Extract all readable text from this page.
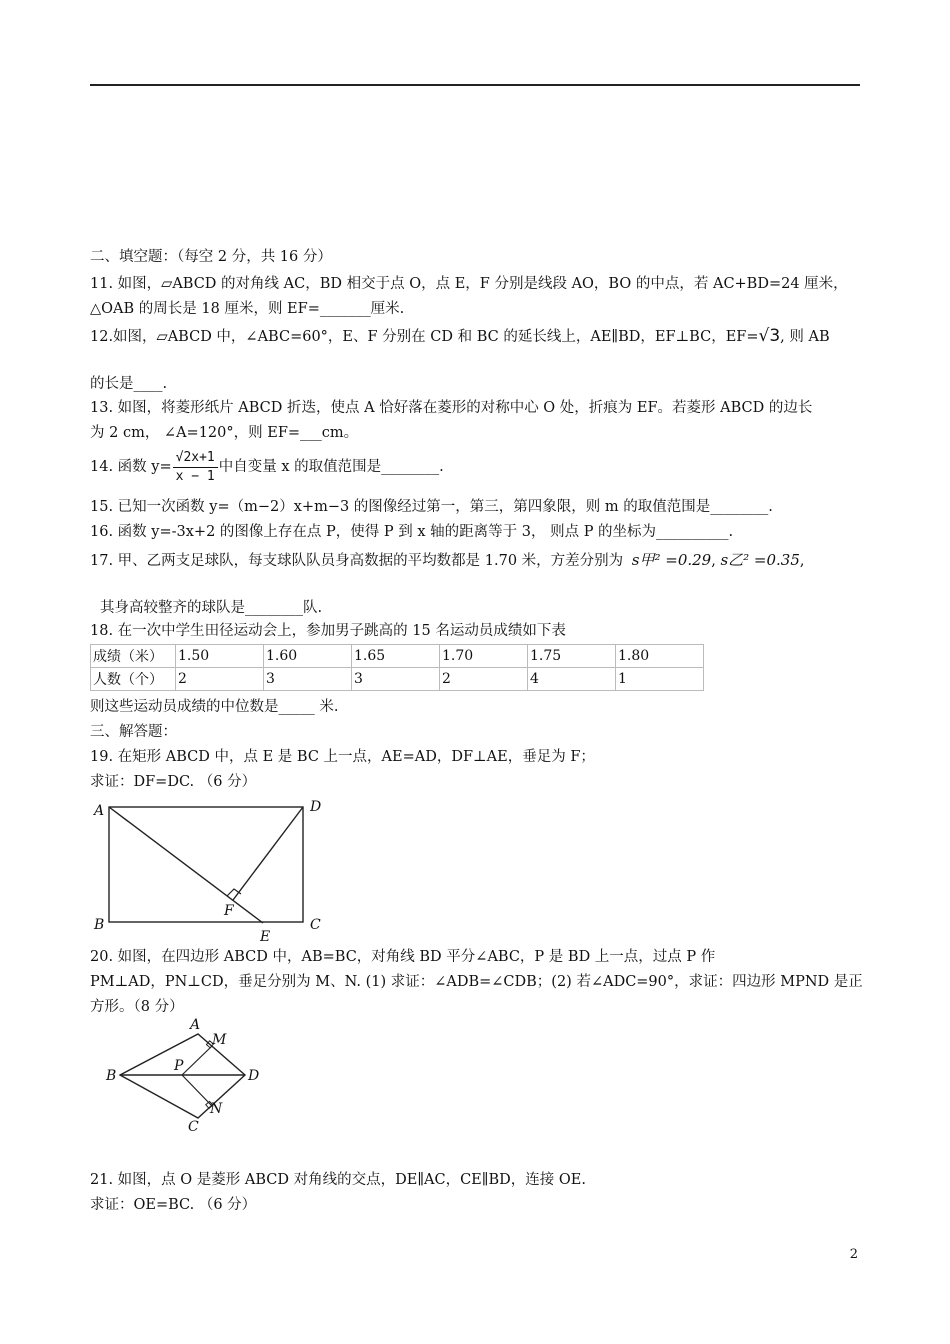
二、填空题：（每空 2 分，共 16 分）
11. 如图，▱ABCD 的对角线 AC，BD 相交于点 O，点 E，F 分别是线段 AO，BO 的中点，若 AC+BD=24 厘米，
△OAB 的周长是 18 厘米，则 EF=_______厘米.
12.如图，▱ABCD 中，∠ABC=60°，E、F 分别在 CD 和 BC 的延长线上，AE∥BD，EF⊥BC，EF=√3, 则 AB
的长是____.
13. 如图，将菱形纸片 ABCD 折迭，使点 A 恰好落在菱形的对称中心 O 处，折痕为 EF。若菱形 ABCD 的边长
为 2 cm， ∠A=120°，则 EF=___cm。
14. 函数 $y= \frac{√2x+1}{x - 1}$ 中自变量 x 的取值范围是________.
15. 已知一次函数 y=（m−2）x+m−3 的图像经过第一，第三，第四象限，则 m 的取值范围是________.
16. 函数 y=-3x+2 的图像上存在点 P，使得 P 到 x 轴的距离等于 3， 则点 P 的坐标为__________.
17. 甲、乙两支足球队，每支球队队员身高数据的平均数都是 1.70 米，方差分别为 s甲² =0.29, s乙² =0.35,
其身高较整齐的球队是________队.
18. 在一次中学生田径运动会上，参加男子跳高的 15 名运动员成绩如下表
成绩（米）	1.50	1.60	1.65	1.70	1.75	1.80
人数（个）	2	3	3	2	4	1
则这些运动员成绩的中位数是_____ 米.
三、解答题：
19. 在矩形 ABCD 中，点 E 是 BC 上一点，AE=AD，DF⊥AE，垂足为 F；
求证：DF=DC. （6 分）
A	D
B	C
E
F
20. 如图，在四边形 ABCD 中，AB=BC，对角线 BD 平分∠ABC，P 是 BD 上一点，过点 P 作
PM⊥AD，PN⊥CD，垂足分别为 M、N. (1) 求证：∠ADB=∠CDB；(2) 若∠ADC=90°，求证：四边形 MPND 是正
方形。（8 分）
A
M
B
P
D
N
C
21. 如图，点 O 是菱形 ABCD 对角线的交点，DE∥AC，CE∥BD，连接 OE.
求证：OE=BC. （6 分）
2
